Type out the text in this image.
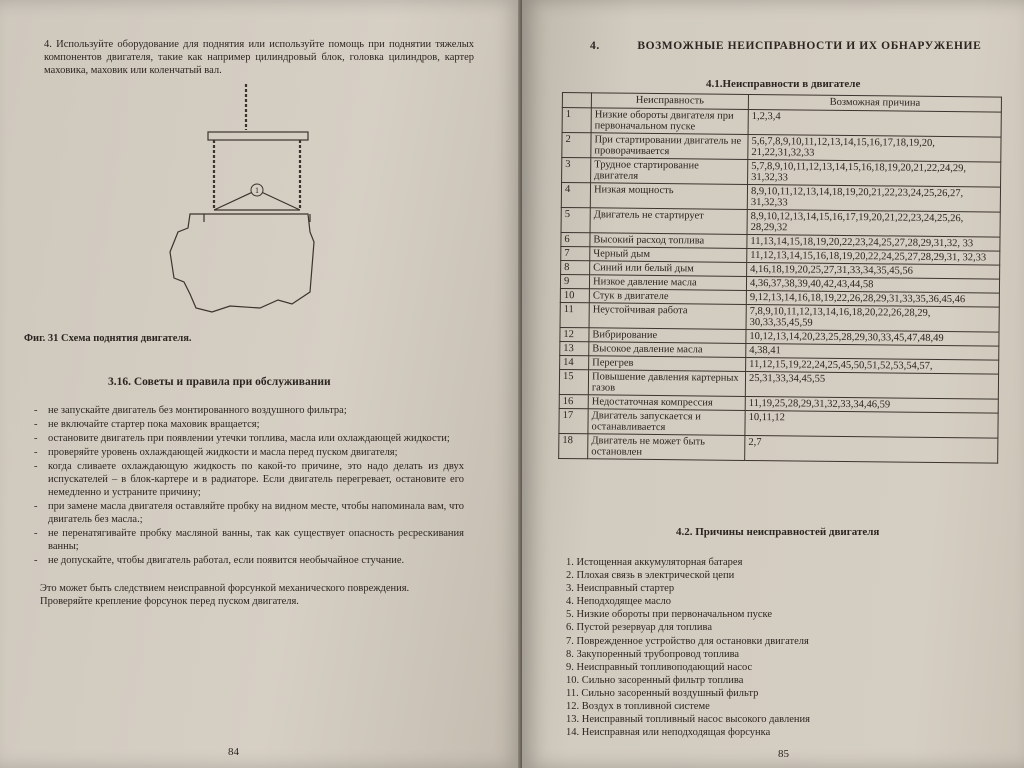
4. Используйте оборудование для поднятия или используйте помощь при поднятии тяжелых компонентов двигателя, такие как например цилиндровый блок, головка цилиндров, картер маховика, маховик или коленчатый вал.
1
Фиг. 31 Схема поднятия двигателя.
3.16. Советы и правила при обслуживании
- не запускайте двигатель без монтированного воздушного фильтра;
- не включайте стартер пока маховик вращается;
- остановите двигатель при появлении утечки топлива, масла или охлаждающей жидкости;
- проверяйте уровень охлаждающей жидкости и масла перед пуском двигателя;
- когда сливаете охлаждающую жидкость по какой-то причине, это надо делать из двух испускателей – в блок-картере и в радиаторе. Если двигатель перегревает, остановите его немедленно и устраните причину;
- при замене масла двигателя оставляйте пробку на видном месте, чтобы напоминала вам, что двигатель без масла.;
- не перенатягивайте пробку масляной ванны, так как существует опасность ресрескивания ванны;
- не допускайте, чтобы двигатель работал, если появится необычайное стучание.
Это может быть следствием неисправной форсункой механического повреждения. Проверяйте крепление форсунок перед пуском двигателя.
84
4.	ВОЗМОЖНЫЕ НЕИСПРАВНОСТИ И ИХ ОБНАРУЖЕНИЕ
4.1.Неисправности в двигателе
	Неисправность	Возможная причина
1	Низкие обороты двигателя при первоначальном пуске	1,2,3,4
2	При стартировании двигатель не проворачивается	5,6,7,8,9,10,11,12,13,14,15,16,17,18,19,20, 21,22,31,32,33
3	Трудное стартирование двигателя	5,7,8,9,10,11,12,13,14,15,16,18,19,20,21,22,24,29, 31,32,33
4	Низкая мощность	8,9,10,11,12,13,14,18,19,20,21,22,23,24,25,26,27, 31,32,33
5	Двигатель не стартирует	8,9,10,12,13,14,15,16,17,19,20,21,22,23,24,25,26, 28,29,32
6	Высокий расход топлива	11,13,14,15,18,19,20,22,23,24,25,27,28,29,31,32, 33
7	Черный дым	11,12,13,14,15,16,18,19,20,22,24,25,27,28,29,31, 32,33
8	Синий или белый дым	4,16,18,19,20,25,27,31,33,34,35,45,56
9	Низкое давление масла	4,36,37,38,39,40,42,43,44,58
10	Стук в двигателе	9,12,13,14,16,18,19,22,26,28,29,31,33,35,36,45,46
11	Неустойчивая работа	7,8,9,10,11,12,13,14,16,18,20,22,26,28,29, 30,33,35,45,59
12	Вибрирование	10,12,13,14,20,23,25,28,29,30,33,45,47,48,49
13	Высокое давление масла	4,38,41
14	Перегрев	11,12,15,19,22,24,25,45,50,51,52,53,54,57,
15	Повышение давления картерных газов	25,31,33,34,45,55
16	Недостаточная компрессия	11,19,25,28,29,31,32,33,34,46,59
17	Двигатель запускается и останавливается	10,11,12
18	Двигатель не может быть остановлен	2,7
4.2. Причины неисправностей двигателя
1. Истощенная аккумуляторная батарея
2. Плохая связь в электрической цепи
3. Неисправный стартер
4. Неподходящее масло
5. Низкие обороты при первоначальном пуске
6. Пустой резервуар для топлива
7. Поврежденное устройство для остановки двигателя
8. Закупоренный трубопровод топлива
9. Неисправный топливоподающий насос
10. Сильно засоренный фильтр топлива
11. Сильно засоренный воздушный фильтр
12. Воздух в топливной системе
13. Неисправный топливный насос высокого давления
14. Неисправная или неподходящая форсунка
85
